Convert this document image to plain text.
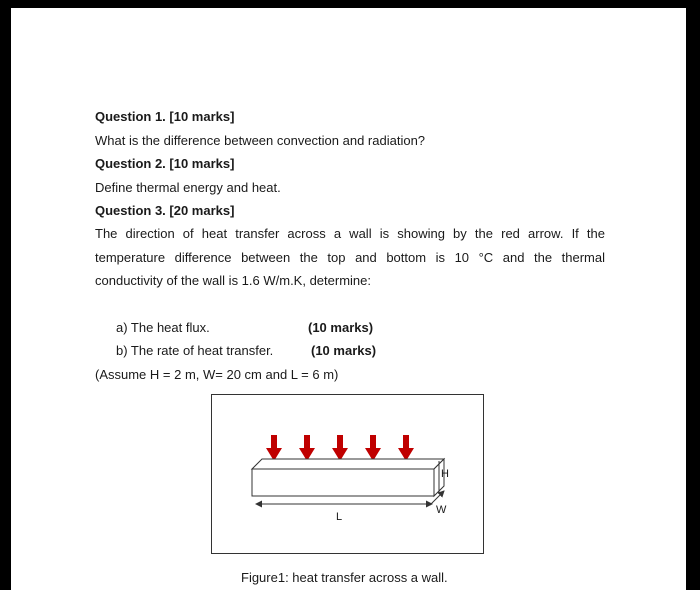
Question 1. [10 marks]
What is the difference between convection and radiation?
Question 2. [10 marks]
Define thermal energy and heat.
Question 3. [20 marks]
The direction of heat transfer across a wall is showing by the red arrow. If the
temperature difference between the top and bottom is 10 °C and the thermal
conductivity of the wall is 1.6 W/m.K, determine:
a) The heat flux.	(10 marks)
b) The rate of heat transfer.	(10 marks)
(Assume H = 2 m, W= 20 cm and L = 6 m)
H
W
L
Figure1: heat transfer across a wall.
